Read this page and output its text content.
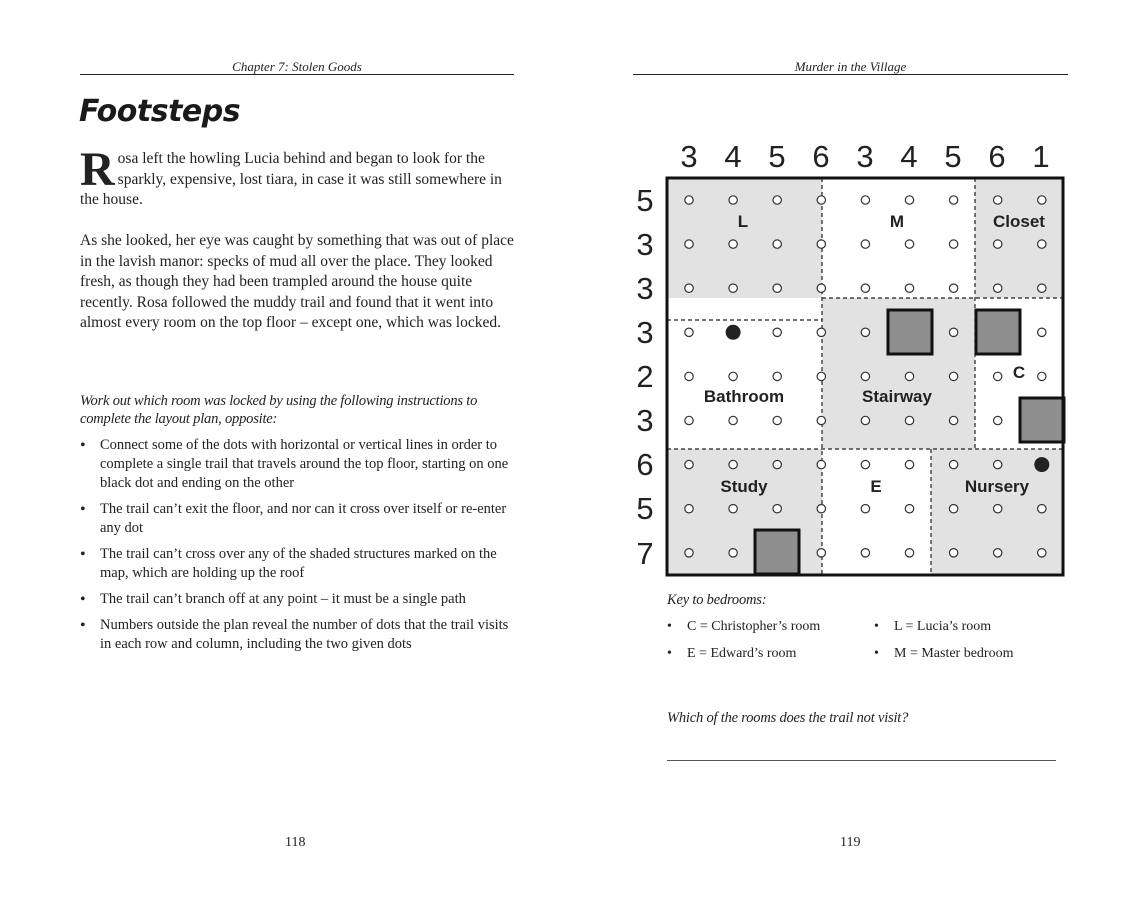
Chapter 7: Stolen Goods
Footsteps
Rosa left the howling Lucia behind and began to look for the sparkly, expensive, lost tiara, in case it was still somewhere in the house.
As she looked, her eye was caught by something that was out of place in the lavish manor: specks of mud all over the place. They looked fresh, as though they had been trampled around the house quite recently. Rosa followed the muddy trail and found that it went into almost every room on the top floor – except one, which was locked.
Work out which room was locked by using the following instructions to complete the layout plan, opposite:
• Connect some of the dots with horizontal or vertical lines in order to complete a single trail that travels around the top floor, starting on one black dot and ending on the other
• The trail can’t exit the floor, and nor can it cross over itself or re-enter any dot
• The trail can’t cross over any of the shaded structures marked on the map, which are holding up the roof
• The trail can’t branch off at any point – it must be a single path
• Numbers outside the plan reveal the number of dots that the trail visits in each row and column, including the two given dots
118
Murder in the Village
3 4 5 6 3 4 5 6 1
5
3
3
3
2
3
6
5
7
L	M	Closet
C
Bathroom	Stairway
Study	E	Nursery
Key to bedrooms:
• C = Christopher’s room	• L = Lucia’s room
• E = Edward’s room	• M = Master bedroom
Which of the rooms does the trail not visit?
119
